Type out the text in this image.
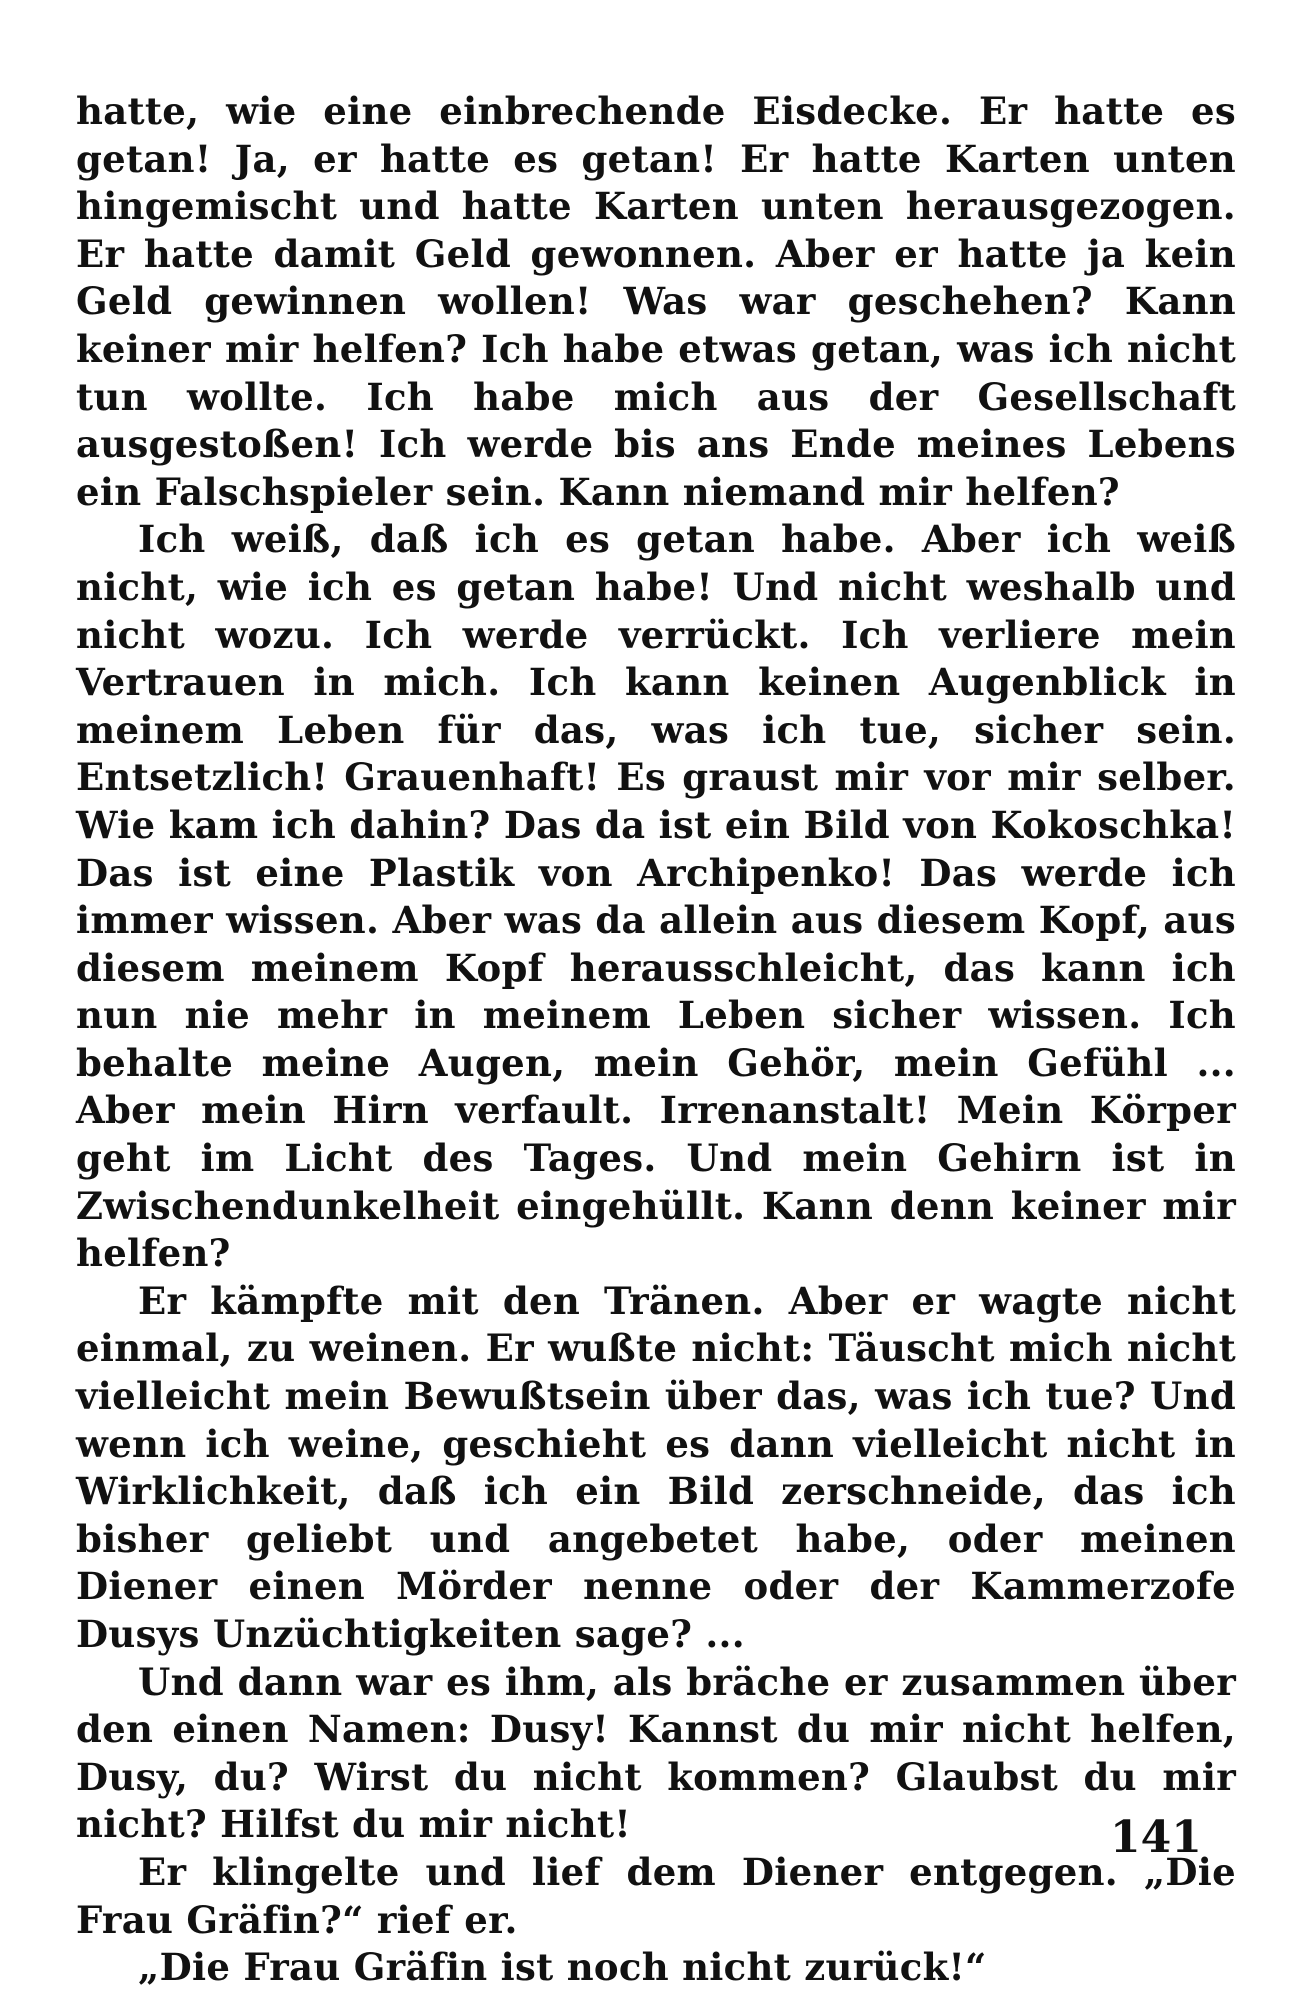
hatte, wie eine einbrechende Eisdecke. Er hatte es getan! Ja, er hatte es getan! Er hatte Karten unten hingemischt und hatte Karten unten herausgezogen. Er hatte damit Geld gewonnen. Aber er hatte ja kein Geld gewinnen wollen! Was war geschehen? Kann keiner mir helfen? Ich habe etwas getan, was ich nicht tun wollte. Ich habe mich aus der Gesellschaft ausgestoßen! Ich werde bis ans Ende meines Lebens ein Falschspieler sein. Kann niemand mir helfen?

Ich weiß, daß ich es getan habe. Aber ich weiß nicht, wie ich es getan habe! Und nicht weshalb und nicht wozu. Ich werde verrückt. Ich verliere mein Vertrauen in mich. Ich kann keinen Augenblick in meinem Leben für das, was ich tue, sicher sein. Entsetzlich! Grauenhaft! Es graust mir vor mir selber. Wie kam ich dahin? Das da ist ein Bild von Kokoschka! Das ist eine Plastik von Archipenko! Das werde ich immer wissen. Aber was da allein aus diesem Kopf, aus diesem meinem Kopf herausschleicht, das kann ich nun nie mehr in meinem Leben sicher wissen. Ich behalte meine Augen, mein Gehör, mein Gefühl ... Aber mein Hirn verfault. Irrenanstalt! Mein Körper geht im Licht des Tages. Und mein Gehirn ist in Zwischendunkelheit eingehüllt. Kann denn keiner mir helfen?

Er kämpfte mit den Tränen. Aber er wagte nicht einmal, zu weinen. Er wußte nicht: Täuscht mich nicht vielleicht mein Bewußtsein über das, was ich tue? Und wenn ich weine, geschieht es dann vielleicht nicht in Wirklichkeit, daß ich ein Bild zerschneide, das ich bisher geliebt und angebetet habe, oder meinen Diener einen Mörder nenne oder der Kammerzofe Dusys Unzüchtigkeiten sage? ...

Und dann war es ihm, als bräche er zusammen über den einen Namen: Dusy! Kannst du mir nicht helfen, Dusy, du? Wirst du nicht kommen? Glaubst du mir nicht? Hilfst du mir nicht!

Er klingelte und lief dem Diener entgegen. „Die Frau Gräfin?“ rief er.

„Die Frau Gräfin ist noch nicht zurück!“

141
